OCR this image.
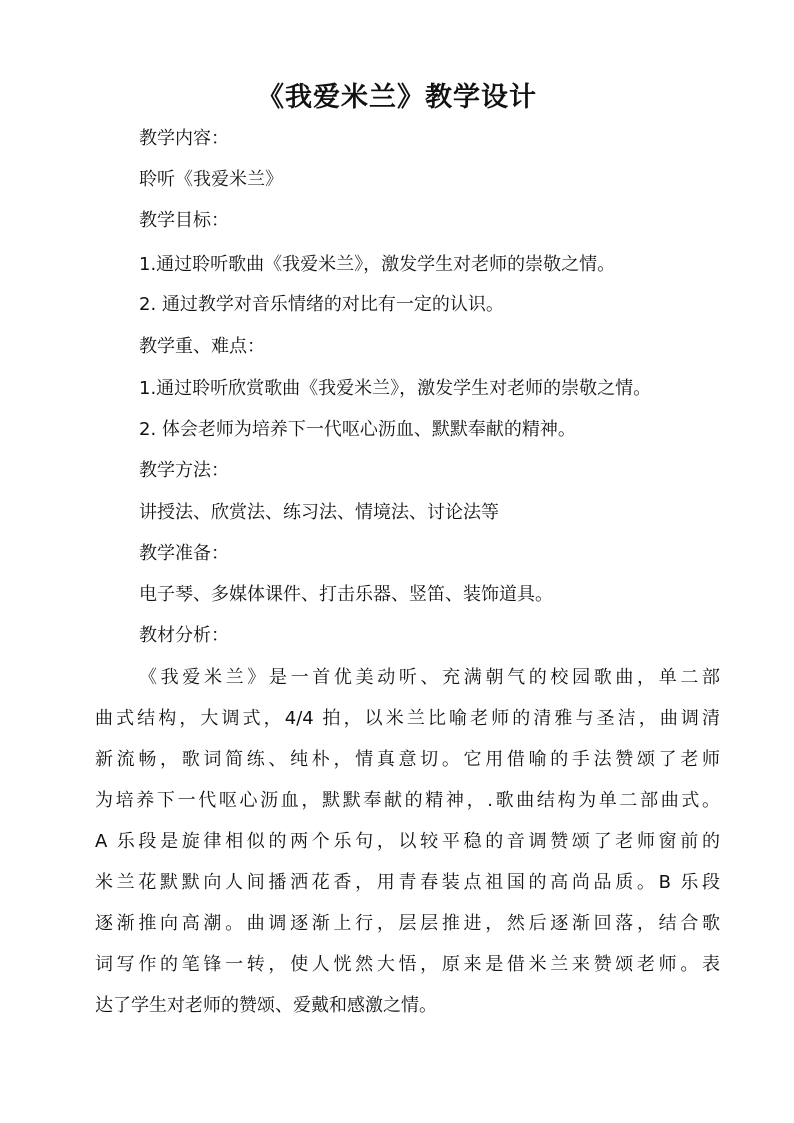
《我爱米兰》教学设计
教学内容：
聆听《我爱米兰》
教学目标：
1.通过聆听歌曲《我爱米兰》，激发学生对老师的崇敬之情。
2. 通过教学对音乐情绪的对比有一定的认识。
教学重、难点：
1.通过聆听欣赏歌曲《我爱米兰》，激发学生对老师的崇敬之情。
2. 体会老师为培养下一代呕心沥血、默默奉献的精神。
教学方法：
讲授法、欣赏法、练习法、情境法、讨论法等
教学准备：
电子琴、多媒体课件、打击乐器、竖笛、装饰道具。
教材分析：
《我爱米兰》是一首优美动听、充满朝气的校园歌曲，单二部
曲式结构，大调式，4/4 拍，以米兰比喻老师的清雅与圣洁，曲调清
新流畅，歌词简练、纯朴，情真意切。它用借喻的手法赞颂了老师
为培养下一代呕心沥血，默默奉献的精神，.歌曲结构为单二部曲式。
A 乐段是旋律相似的两个乐句，以较平稳的音调赞颂了老师窗前的
米兰花默默向人间播洒花香，用青春装点祖国的高尚品质。B 乐段
逐渐推向高潮。曲调逐渐上行，层层推进，然后逐渐回落，结合歌
词写作的笔锋一转，使人恍然大悟，原来是借米兰来赞颂老师。表
达了学生对老师的赞颂、爱戴和感激之情。
